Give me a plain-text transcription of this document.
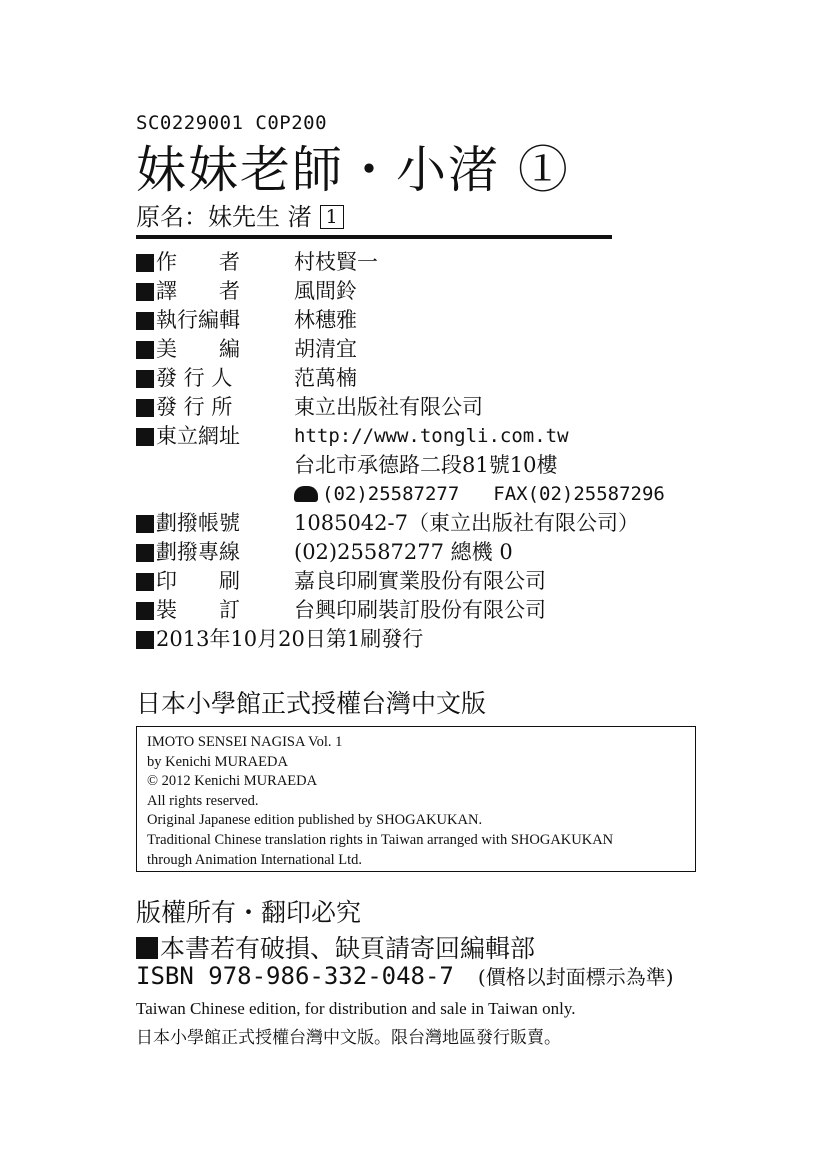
SC0229001 C0P200
妹妹老師・小渚 ①
原名：妹先生 渚 1
作　　者	村枝賢一
譯　　者	風間鈴
執行編輯	林穗雅
美　　編	胡清宜
發 行 人	范萬楠
發 行 所	東立出版社有限公司
東立網址	http://www.tongli.com.tw
台北市承德路二段81號10樓
(02)25587277 FAX(02)25587296
劃撥帳號	1085042-7（東立出版社有限公司）
劃撥專線	(02)25587277 總機 0
印　　刷	嘉良印刷實業股份有限公司
裝　　訂	台興印刷裝訂股份有限公司
2013年10月20日第1刷發行
日本小學館正式授權台灣中文版
IMOTO SENSEI NAGISA Vol. 1
by Kenichi MURAEDA
© 2012 Kenichi MURAEDA
All rights reserved.
Original Japanese edition published by SHOGAKUKAN.
Traditional Chinese translation rights in Taiwan arranged with SHOGAKUKAN
through Animation International Ltd.
版權所有・翻印必究
本書若有破損、缺頁請寄回編輯部
ISBN 978-986-332-048-7 (價格以封面標示為準)
Taiwan Chinese edition, for distribution and sale in Taiwan only.
日本小學館正式授權台灣中文版。限台灣地區發行販賣。
